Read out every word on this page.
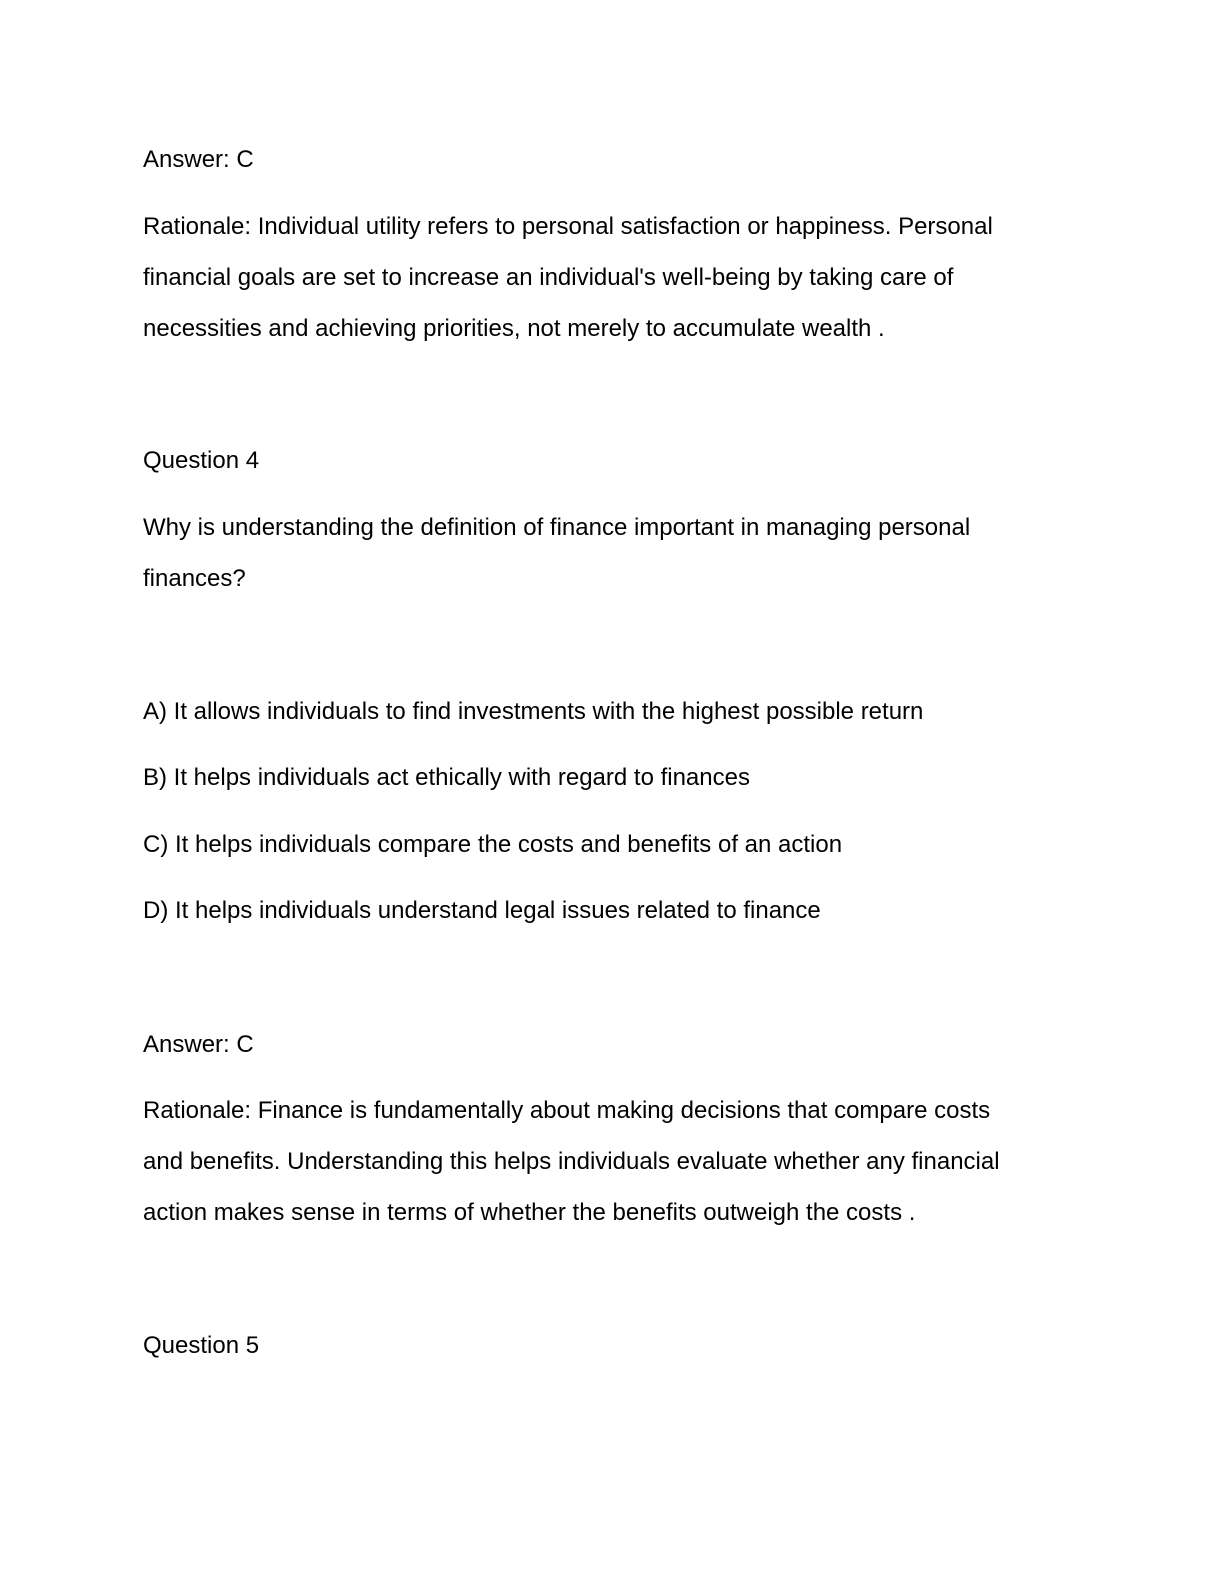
Answer: C
Rationale: Individual utility refers to personal satisfaction or happiness. Personal
financial goals are set to increase an individual's well-being by taking care of
necessities and achieving priorities, not merely to accumulate wealth .
Question 4
Why is understanding the definition of finance important in managing personal
finances?
A) It allows individuals to find investments with the highest possible return
B) It helps individuals act ethically with regard to finances
C) It helps individuals compare the costs and benefits of an action
D) It helps individuals understand legal issues related to finance
Answer: C
Rationale: Finance is fundamentally about making decisions that compare costs
and benefits. Understanding this helps individuals evaluate whether any financial
action makes sense in terms of whether the benefits outweigh the costs .
Question 5
